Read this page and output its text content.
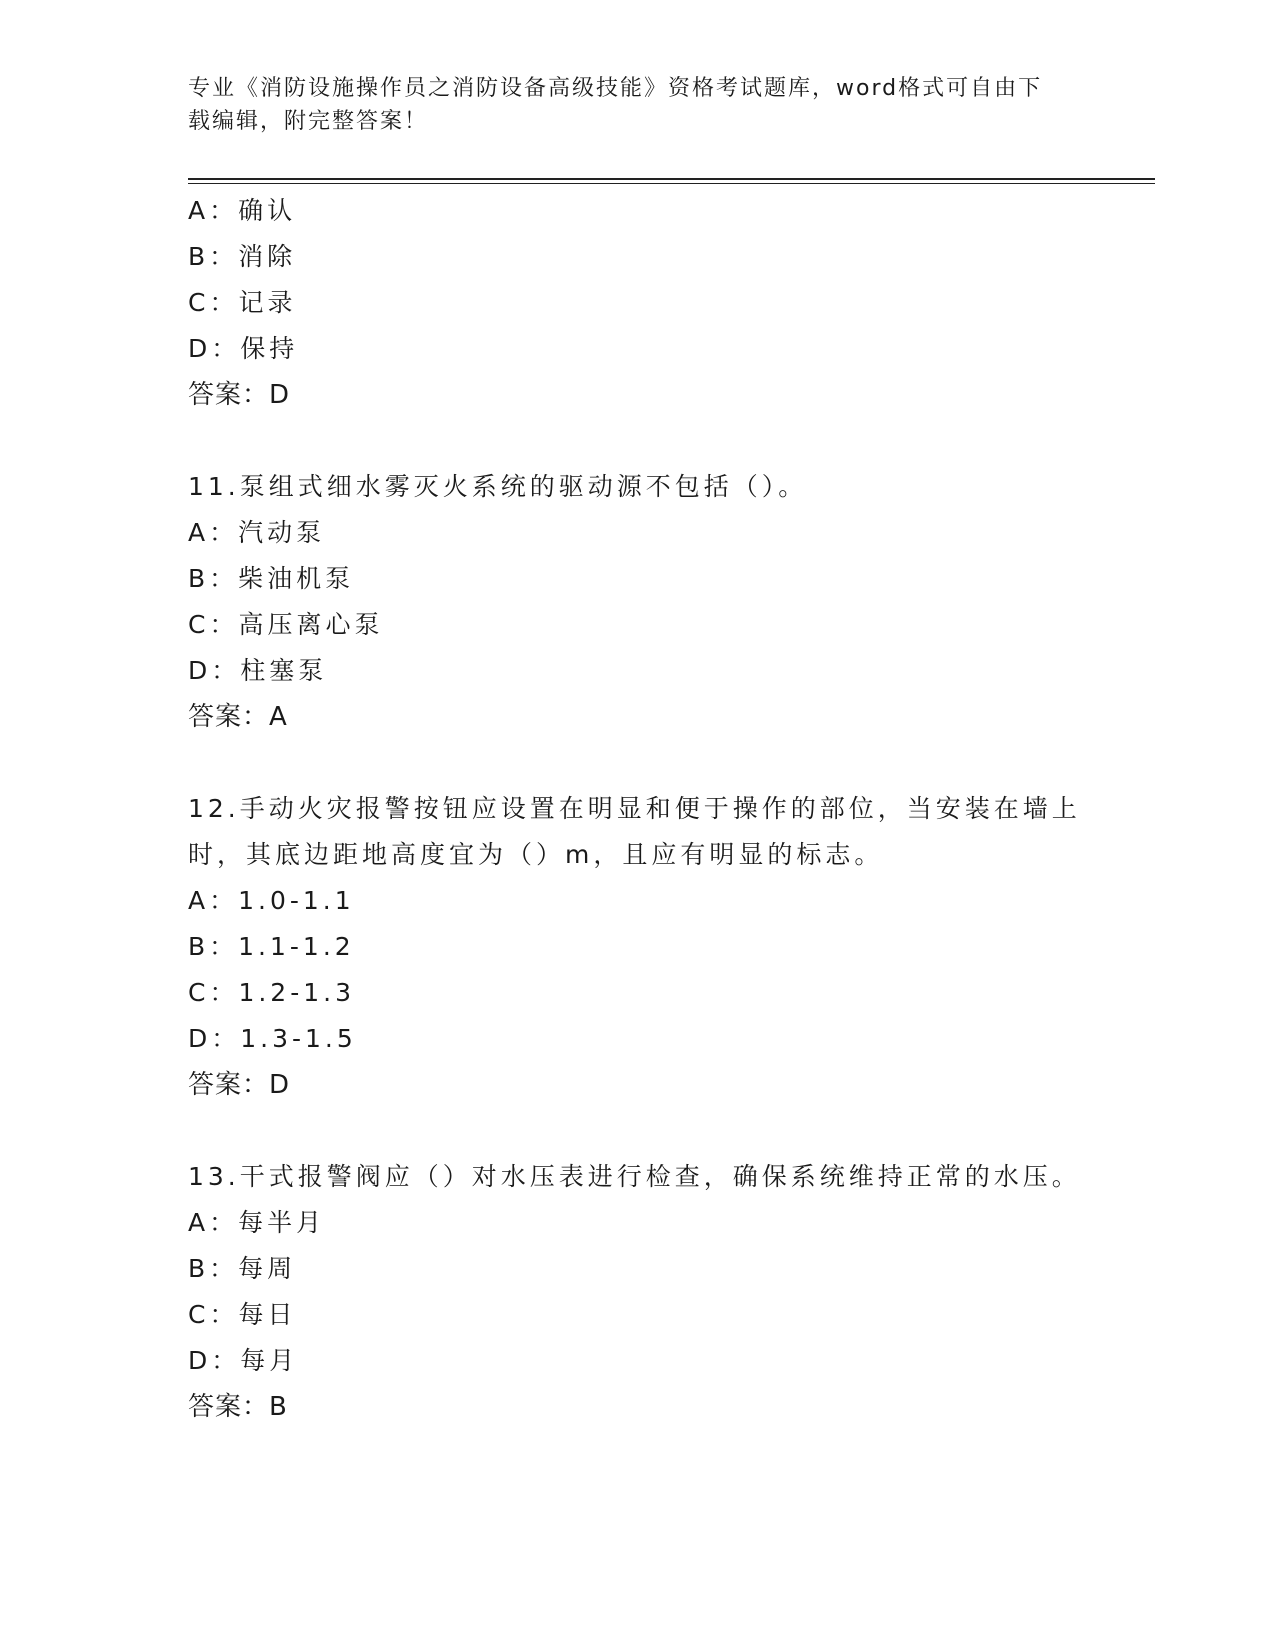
专业《消防设施操作员之消防设备高级技能》资格考试题库，word格式可自由下
载编辑，附完整答案！
A：确认
B：消除
C：记录
D：保持
答案：D
11.泵组式细水雾灭火系统的驱动源不包括（）。
A：汽动泵
B：柴油机泵
C：高压离心泵
D：柱塞泵
答案：A
12.手动火灾报警按钮应设置在明显和便于操作的部位，当安装在墙上
时，其底边距地高度宜为（）m，且应有明显的标志。
A：1.0-1.1
B：1.1-1.2
C：1.2-1.3
D：1.3-1.5
答案：D
13.干式报警阀应（）对水压表进行检查，确保系统维持正常的水压。
A：每半月
B：每周
C：每日
D：每月
答案：B
